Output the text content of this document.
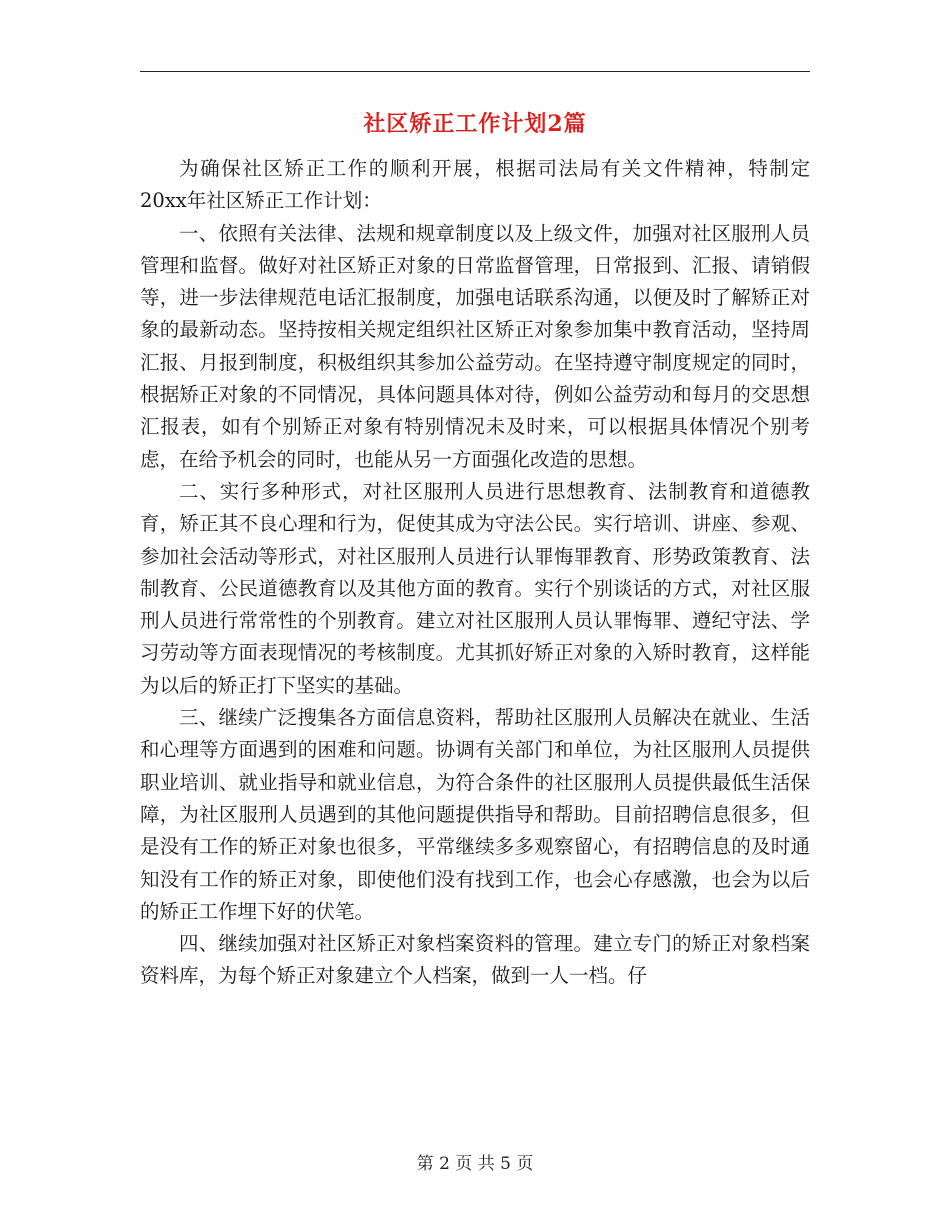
社区矫正工作计划2篇

为确保社区矫正工作的顺利开展，根据司法局有关文件精神，特制定20xx年社区矫正工作计划：

一、依照有关法律、法规和规章制度以及上级文件，加强对社区服刑人员管理和监督。做好对社区矫正对象的日常监督管理，日常报到、汇报、请销假等，进一步法律规范电话汇报制度，加强电话联系沟通，以便及时了解矫正对象的最新动态。坚持按相关规定组织社区矫正对象参加集中教育活动，坚持周汇报、月报到制度，积极组织其参加公益劳动。在坚持遵守制度规定的同时，根据矫正对象的不同情况，具体问题具体对待，例如公益劳动和每月的交思想汇报表，如有个别矫正对象有特别情况未及时来，可以根据具体情况个别考虑，在给予机会的同时，也能从另一方面强化改造的思想。

二、实行多种形式，对社区服刑人员进行思想教育、法制教育和道德教育，矫正其不良心理和行为，促使其成为守法公民。实行培训、讲座、参观、参加社会活动等形式，对社区服刑人员进行认罪悔罪教育、形势政策教育、法制教育、公民道德教育以及其他方面的教育。实行个别谈话的方式，对社区服刑人员进行常常性的个别教育。建立对社区服刑人员认罪悔罪、遵纪守法、学习劳动等方面表现情况的考核制度。尤其抓好矫正对象的入矫时教育，这样能为以后的矫正打下坚实的基础。

三、继续广泛搜集各方面信息资料，帮助社区服刑人员解决在就业、生活和心理等方面遇到的困难和问题。协调有关部门和单位，为社区服刑人员提供职业培训、就业指导和就业信息，为符合条件的社区服刑人员提供最低生活保障，为社区服刑人员遇到的其他问题提供指导和帮助。目前招聘信息很多，但是没有工作的矫正对象也很多，平常继续多多观察留心，有招聘信息的及时通知没有工作的矫正对象，即使他们没有找到工作，也会心存感激，也会为以后的矫正工作埋下好的伏笔。

四、继续加强对社区矫正对象档案资料的管理。建立专门的矫正对象档案资料库，为每个矫正对象建立个人档案，做到一人一档。仔

第 2 页 共 5 页
